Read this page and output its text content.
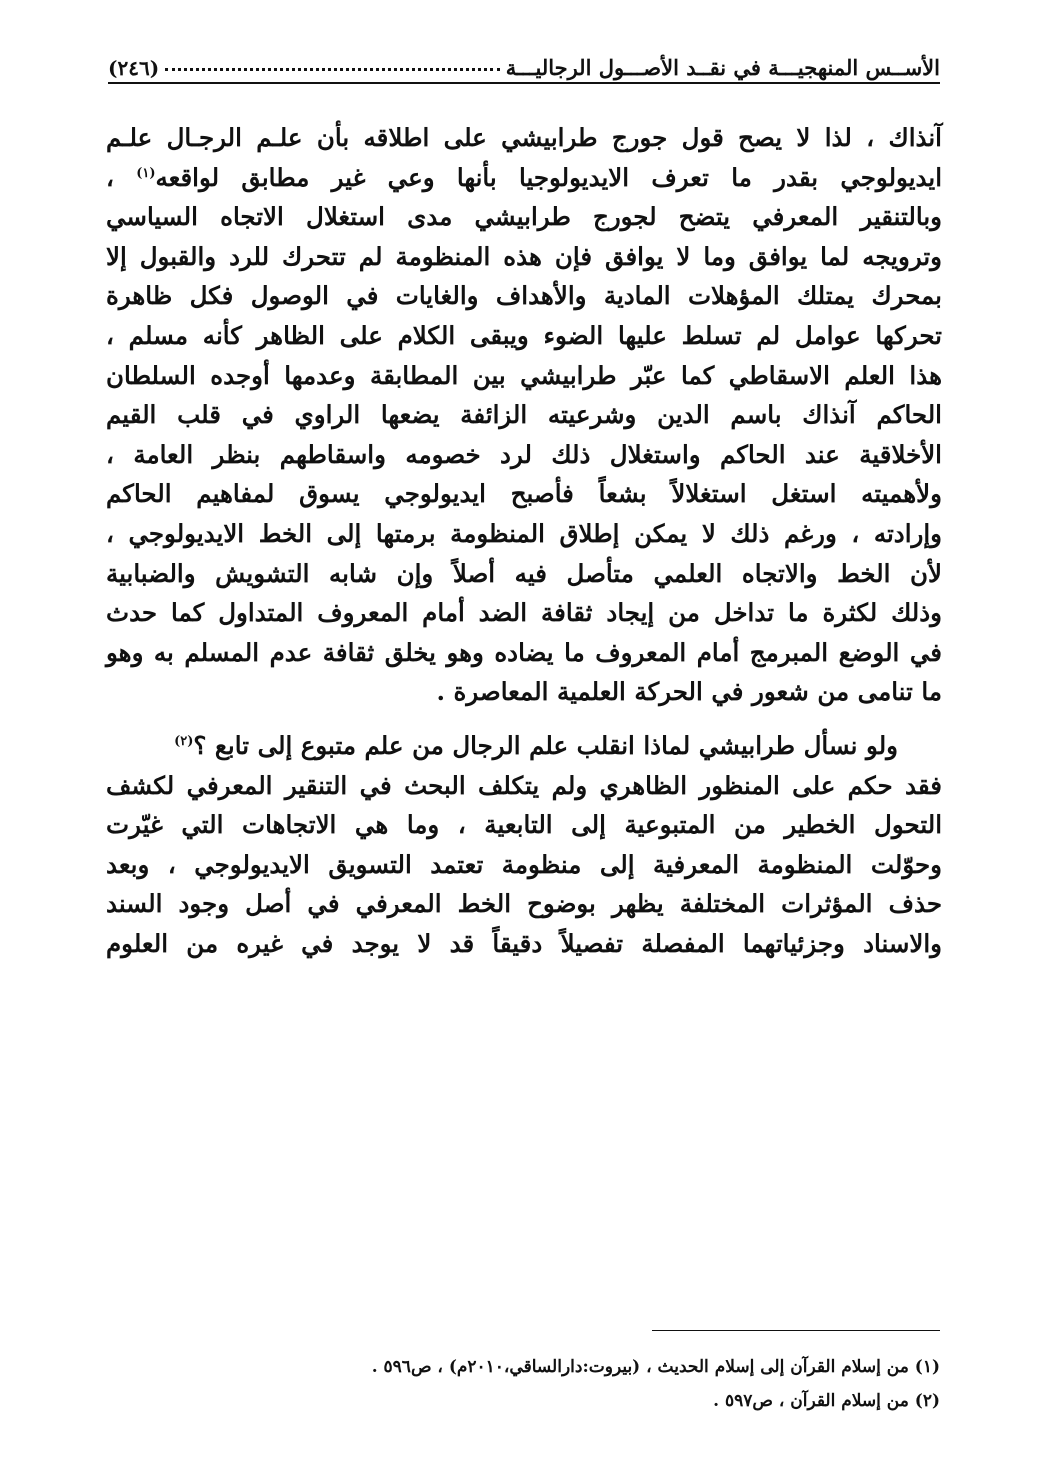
الأســس المنهجيـــة في نقــد الأصـــول الرجاليـــة
(٢٤٦)
آنذاك ، لذا لا يصح قول جورج طرابيشي على اطلاقه بأن علـم الرجـال علـم
ايديولوجي بقدر ما تعرف الايديولوجيا بأنها وعي غير مطابق لواقعه$^{(١)}$ ،
وبالتنقير المعرفي يتضح لجورج طرابيشي مدى استغلال الاتجاه السياسي
وترويجه لما يوافق وما لا يوافق فإن هذه المنظومة لم تتحرك للرد والقبول إلا
بمحرك يمتلك المؤهلات المادية والأهداف والغايات في الوصول فكل ظاهرة
تحركها عوامل لم تسلط عليها الضوء ويبقى الكلام على الظاهر كأنه مسلم ،
هذا العلم الاسقاطي كما عبّر طرابيشي بين المطابقة وعدمها أوجده السلطان
الحاكم آنذاك باسم الدين وشرعيته الزائفة يضعها الراوي في قلب القيم
الأخلاقية عند الحاكم واستغلال ذلك لرد خصومه واسقاطهم بنظر العامة ،
ولأهميته استغل استغلالاً بشعاً فأصبح ايديولوجي يسوق لمفاهيم الحاكم
وإرادته ، ورغم ذلك لا يمكن إطلاق المنظومة برمتها إلى الخط الايديولوجي ،
لأن الخط والاتجاه العلمي متأصل فيه أصلاً وإن شابه التشويش والضبابية
وذلك لكثرة ما تداخل من إيجاد ثقافة الضد أمام المعروف المتداول كما حدث
في الوضع المبرمج أمام المعروف ما يضاده وهو يخلق ثقافة عدم المسلم به وهو
ما تنامى من شعور في الحركة العلمية المعاصرة .
ولو نسأل طرابيشي لماذا انقلب علم الرجال من علم متبوع إلى تابع ؟$^{(٢)}$
فقد حكم على المنظور الظاهري ولم يتكلف البحث في التنقير المعرفي لكشف
التحول الخطير من المتبوعية إلى التابعية ، وما هي الاتجاهات التي غيّرت
وحوّلت المنظومة المعرفية إلى منظومة تعتمد التسويق الايديولوجي ، وبعد
حذف المؤثرات المختلفة يظهر بوضوح الخط المعرفي في أصل وجود السند
والاسناد وجزئياتهما المفصلة تفصيلاً دقيقاً قد لا يوجد في غيره من العلوم

(١) من إسلام القرآن إلى إسلام الحديث ، (بيروت:دارالساقي،٢٠١٠م) ، ص٥٩٦ .

(٢) من إسلام القرآن ، ص٥٩٧ .
